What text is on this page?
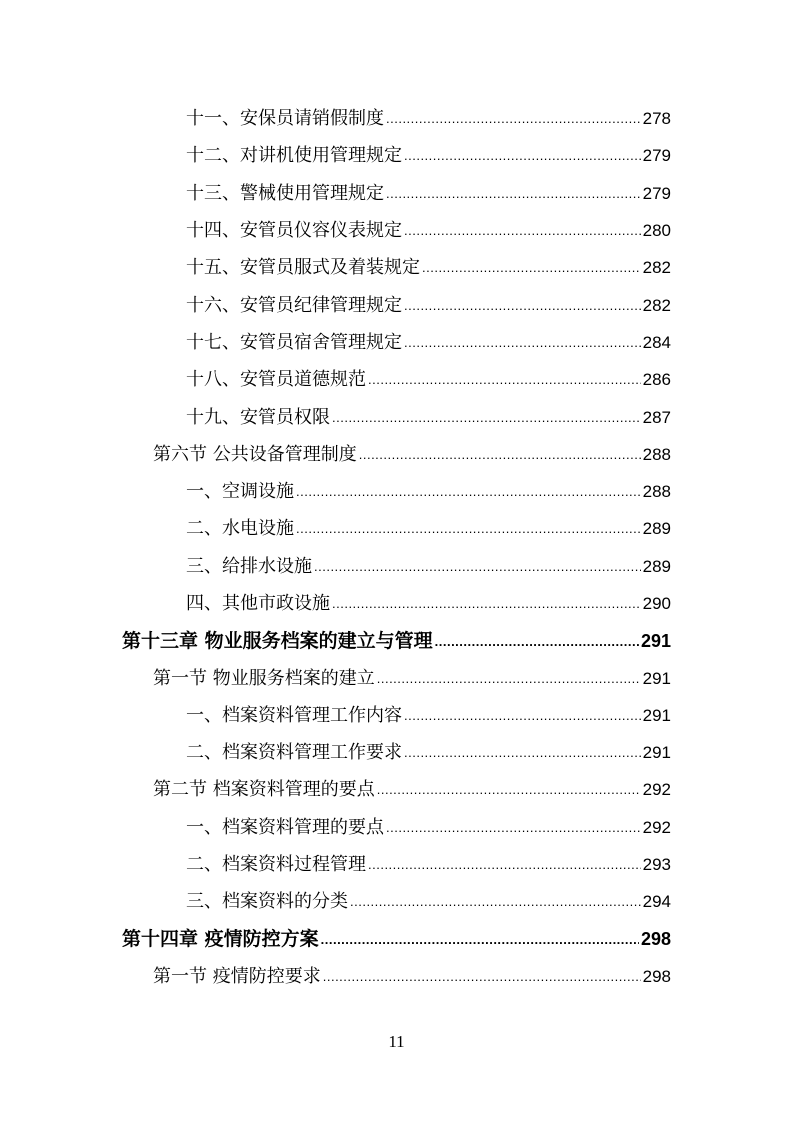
十一、安保员请销假制度 .....	278
十二、对讲机使用管理规定 .....	279
十三、警械使用管理规定 .....	279
十四、安管员仪容仪表规定 .....	280
十五、安管员服式及着装规定 .....	282
十六、安管员纪律管理规定 .....	282
十七、安管员宿舍管理规定 .....	284
十八、安管员道德规范 .....	286
十九、安管员权限 .....	287
第六节 公共设备管理制度 .....	288
一、空调设施 .....	288
二、水电设施 .....	289
三、给排水设施 .....	289
四、其他市政设施 .....	290
第十三章 物业服务档案的建立与管理 .....	291
第一节 物业服务档案的建立 .....	291
一、档案资料管理工作内容 .....	291
二、档案资料管理工作要求 .....	291
第二节 档案资料管理的要点 .....	292
一、档案资料管理的要点 .....	292
二、档案资料过程管理 .....	293
三、档案资料的分类 .....	294
第十四章 疫情防控方案 .....	298
第一节 疫情防控要求 .....	298
11
